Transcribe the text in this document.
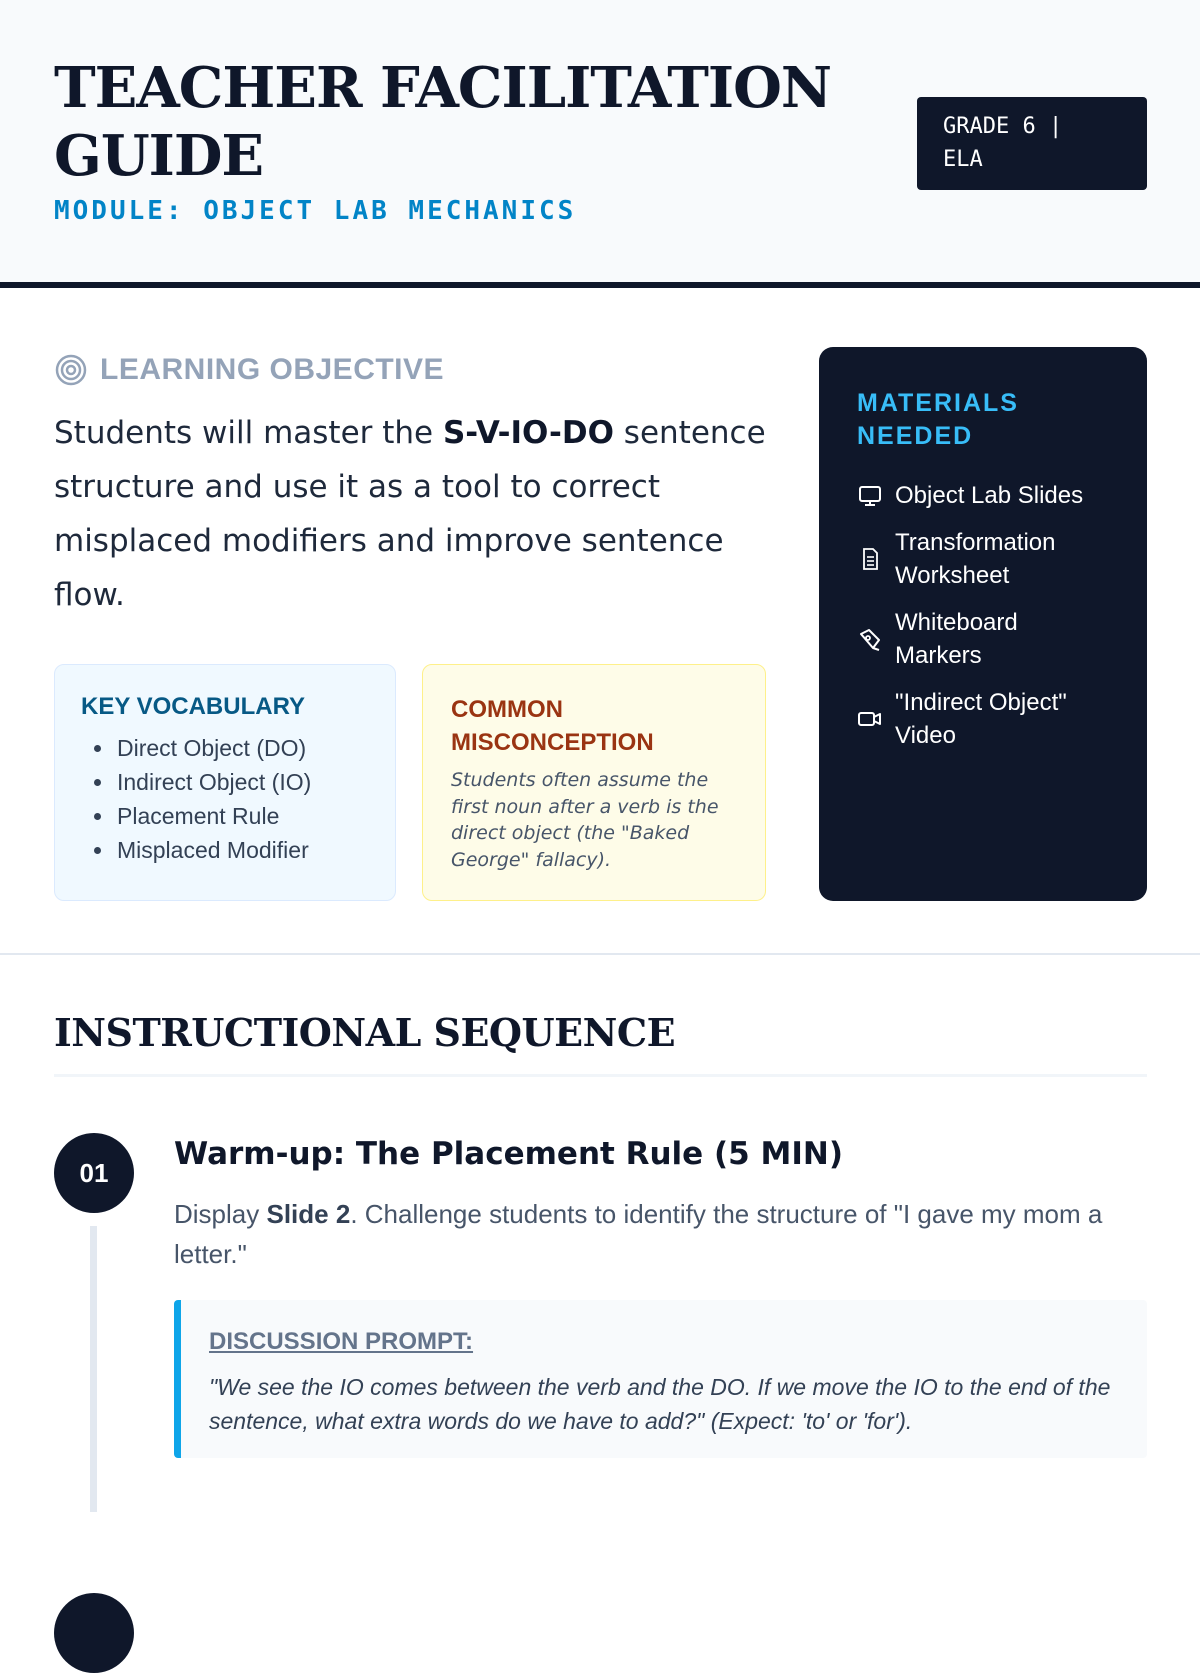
TEACHER FACILITATION GUIDE
MODULE: OBJECT LAB MECHANICS
GRADE 6 |
ELA
LEARNING OBJECTIVE
Students will master the S-V-IO-DO sentence structure and use it as a tool to correct misplaced modifiers and improve sentence flow.
KEY VOCABULARY
• Direct Object (DO)
• Indirect Object (IO)
• Placement Rule
• Misplaced Modifier
COMMON MISCONCEPTION
Students often assume the first noun after a verb is the direct object (the "Baked George" fallacy).
MATERIALS NEEDED
Object Lab Slides
Transformation Worksheet
Whiteboard Markers
"Indirect Object" Video
INSTRUCTIONAL SEQUENCE
01
Warm-up: The Placement Rule (5 MIN)
Display Slide 2. Challenge students to identify the structure of "I gave my mom a letter."
DISCUSSION PROMPT:
"We see the IO comes between the verb and the DO. If we move the IO to the end of the sentence, what extra words do we have to add?" (Expect: 'to' or 'for').
